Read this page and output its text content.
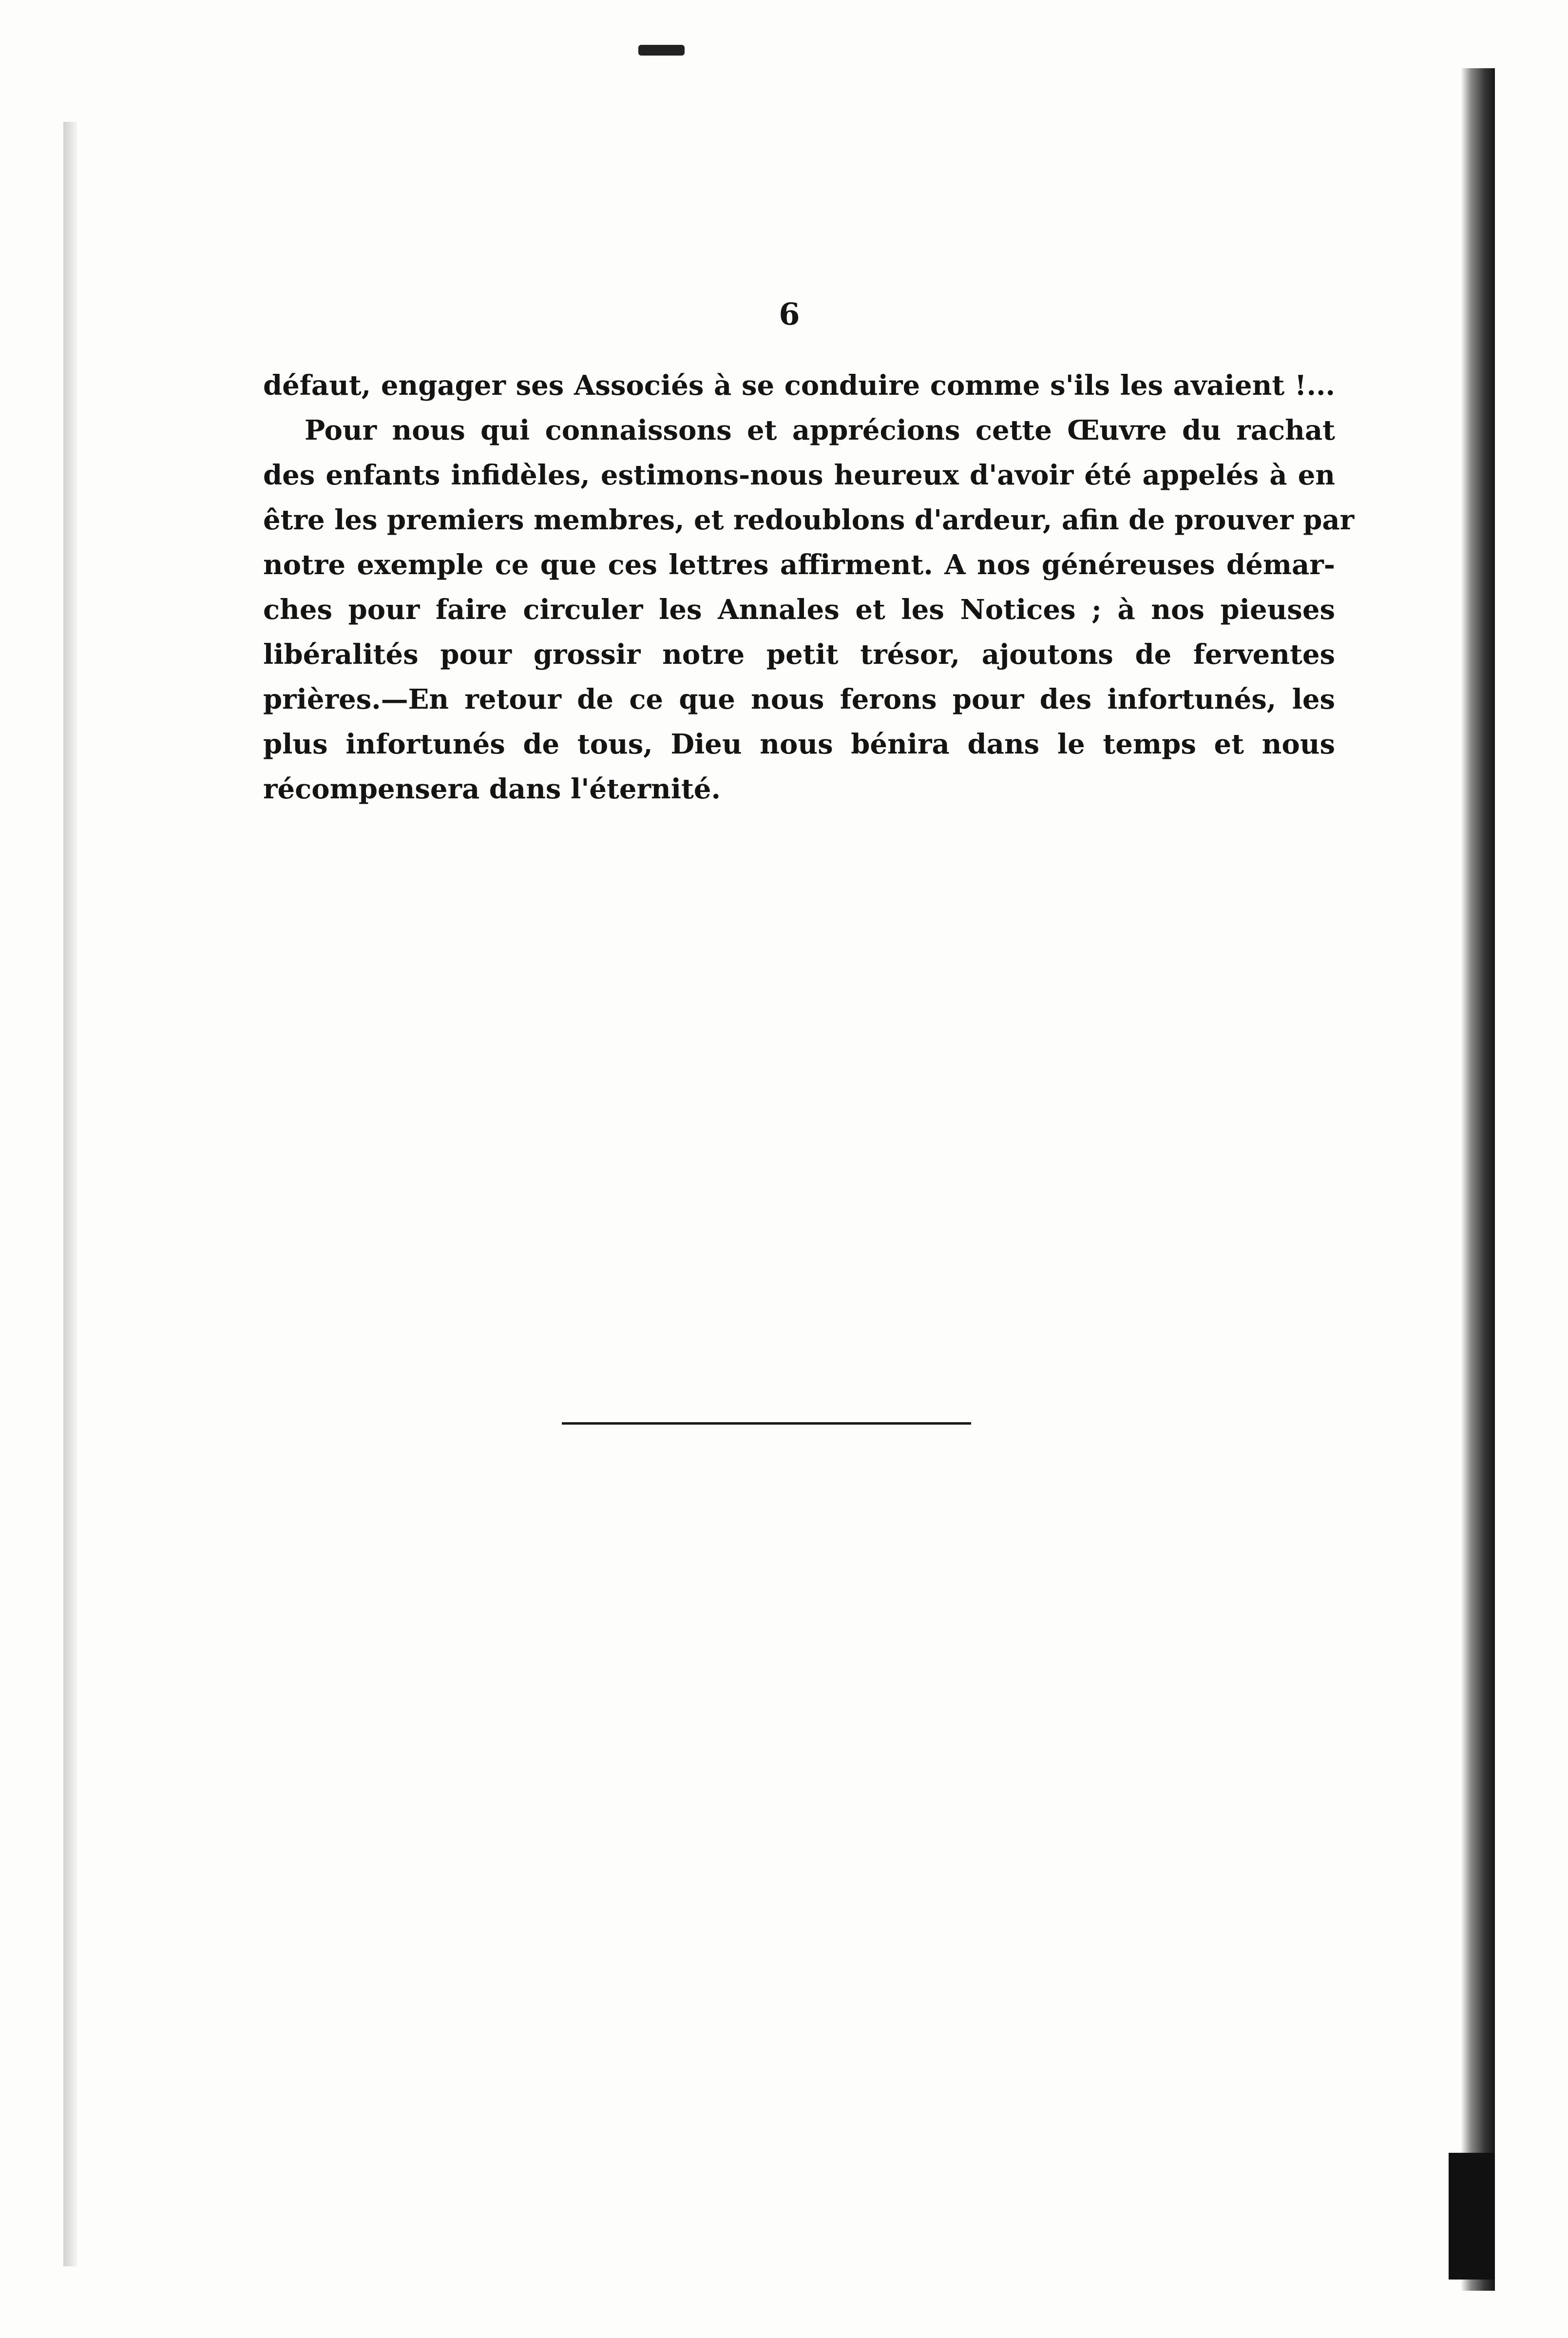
6
défaut, engager ses Associés à se conduire comme s'ils les avaient !...
Pour nous qui connaissons et apprécions cette Œuvre du rachat
des enfants infidèles, estimons-nous heureux d'avoir été appelés à en
être les premiers membres, et redoublons d'ardeur, afin de prouver par
notre exemple ce que ces lettres affirment. A nos généreuses démar-
ches pour faire circuler les Annales et les Notices ; à nos pieuses
libéralités pour grossir notre petit trésor, ajoutons de ferventes
prières.—En retour de ce que nous ferons pour des infortunés, les
plus infortunés de tous, Dieu nous bénira dans le temps et nous
récompensera dans l'éternité.
